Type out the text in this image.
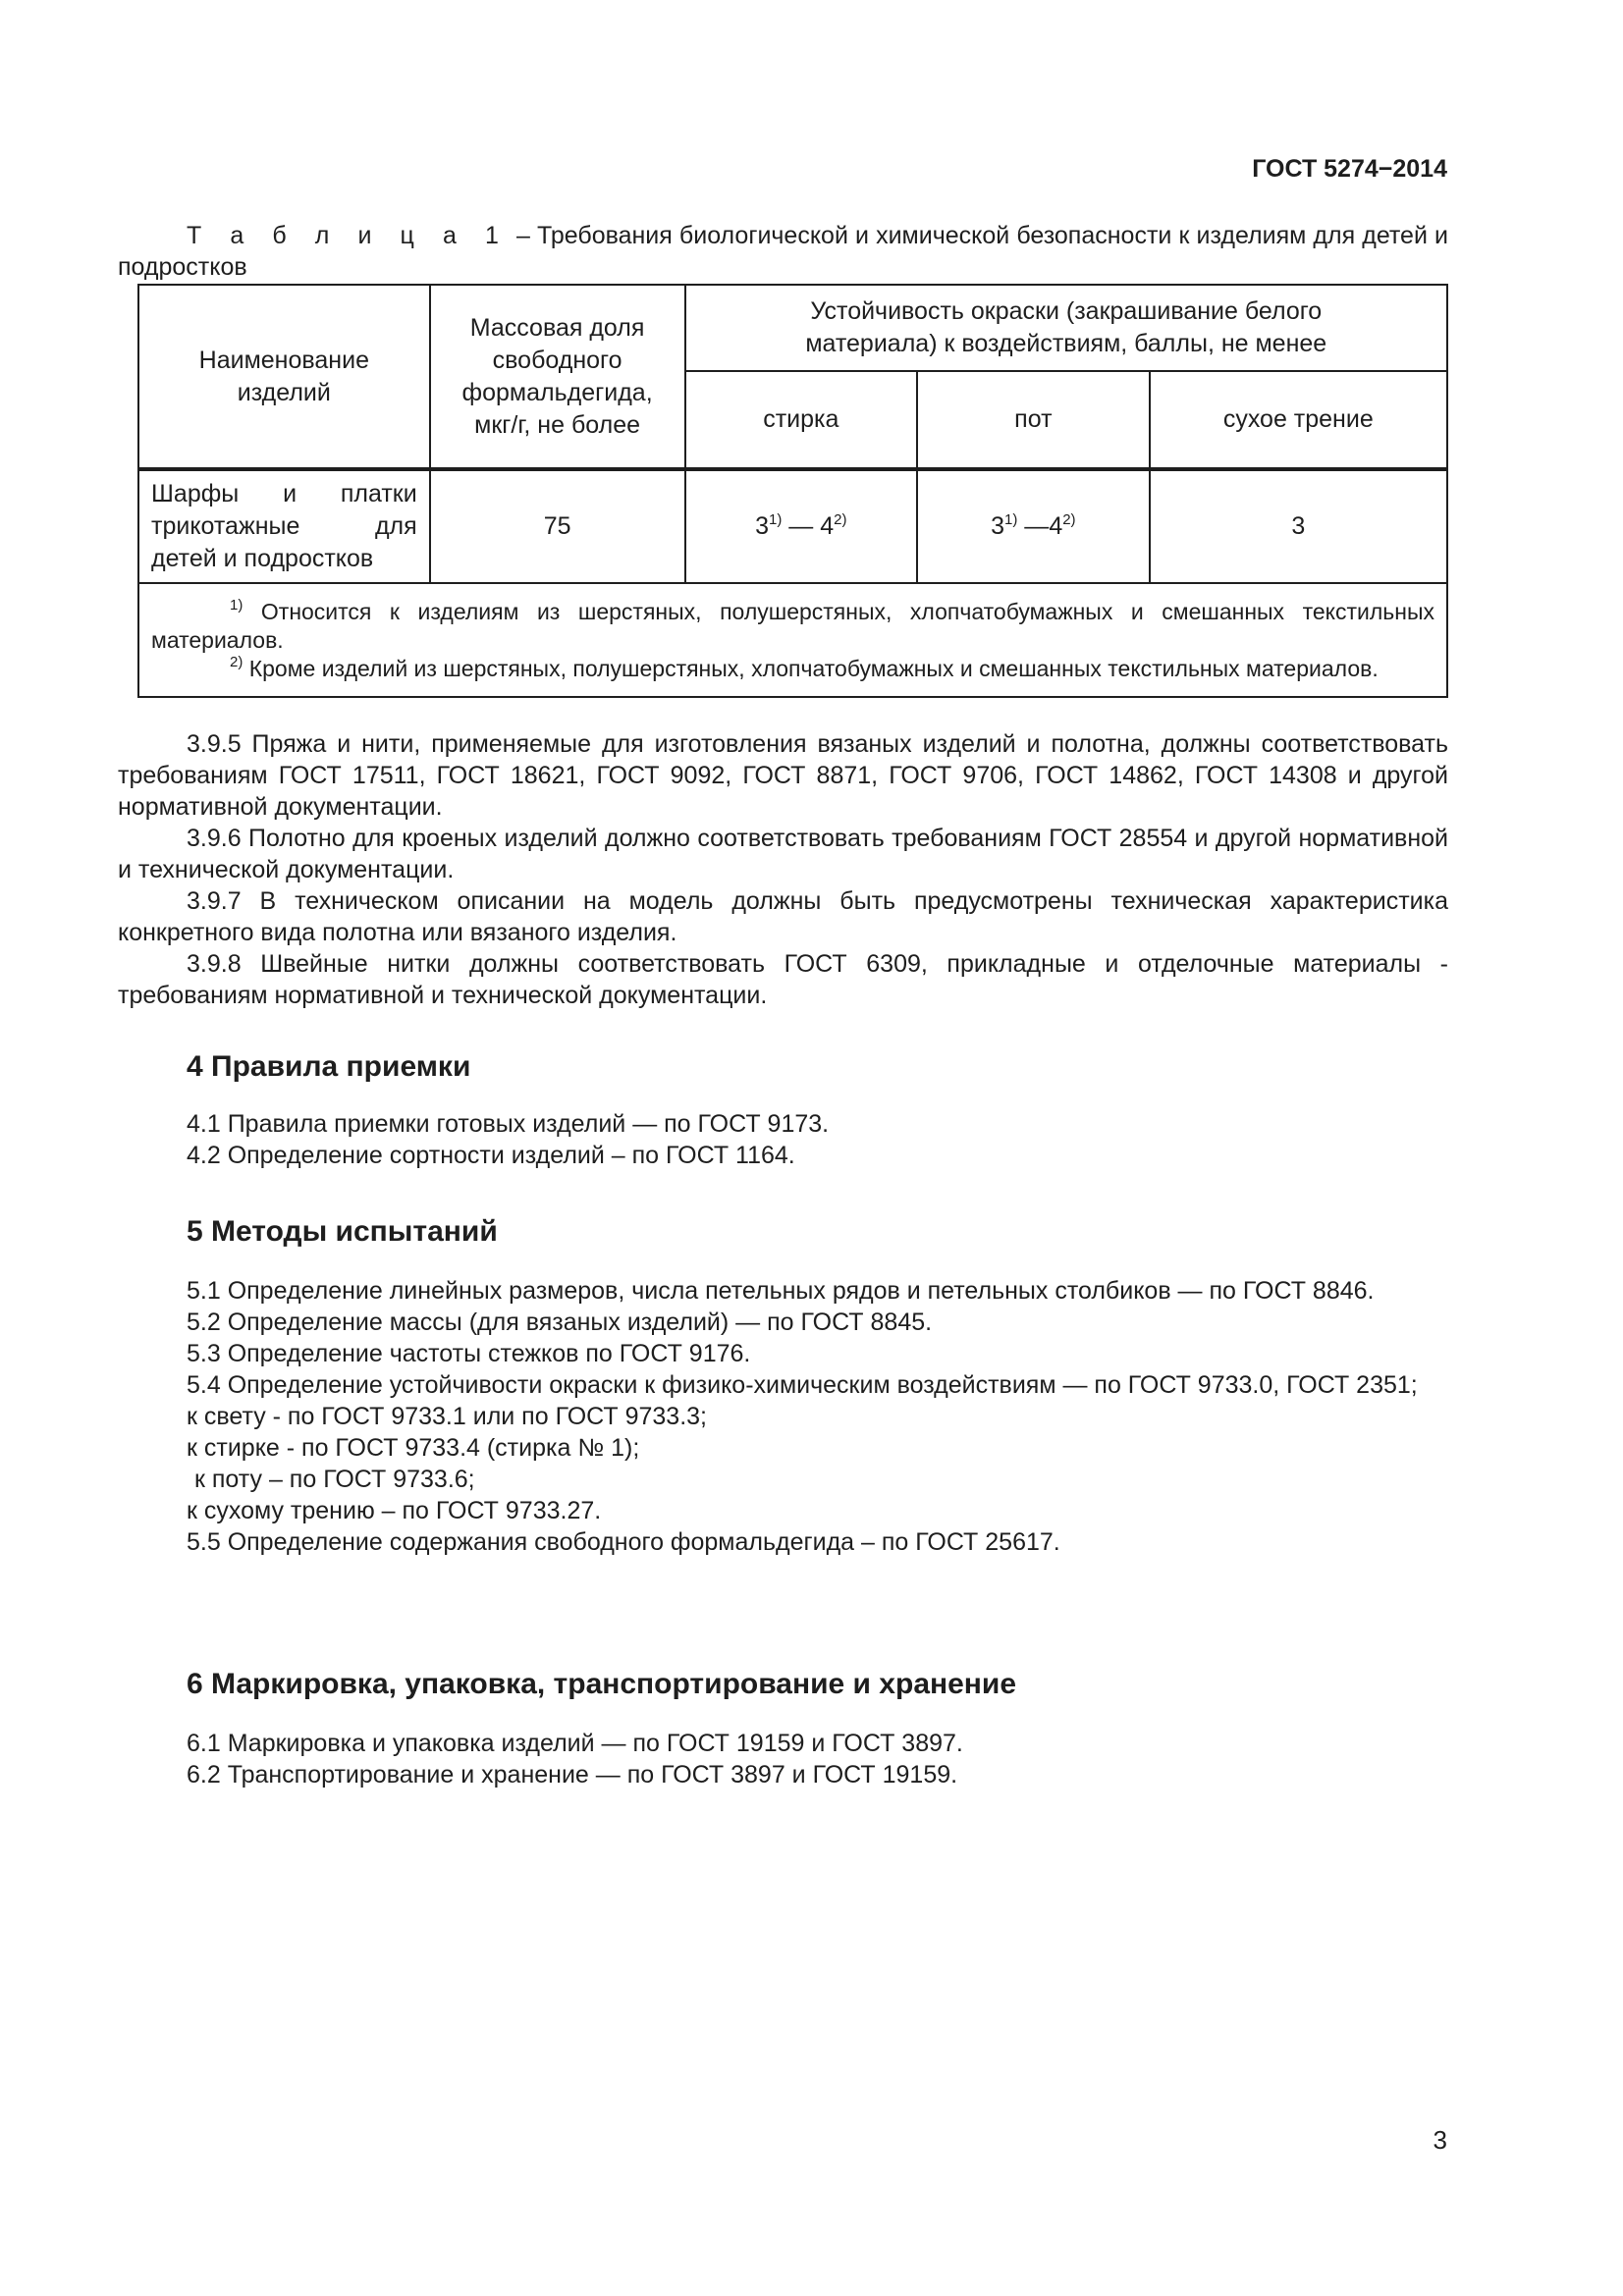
ГОСТ 5274−2014
Т а б л и ц а 1 – Требования биологической и химической безопасности к изделиям для детей и подростков
Наименование изделий	Массовая доля свободного формальдегида, мкг/г, не более	Устойчивость окраски (закрашивание белого материала) к воздействиям, баллы, не менее		
		стирка	пот	сухое трение
Шарфы и платки трикотажные для детей и подростков	75	3$^{1)}$ — 4$^{2)}$	3$^{1)}$ —4$^{2)}$	3

$^{1)}$ Относится к изделиям из шерстяных, полушерстяных, хлопчатобумажных и смешанных текстильных материалов.
$^{2)}$ Кроме изделий из шерстяных, полушерстяных, хлопчатобумажных и смешанных текстильных материалов.				

3.9.5 Пряжа и нити, применяемые для изготовления вязаных изделий и полотна, должны соответствовать требованиям ГОСТ 17511, ГОСТ 18621, ГОСТ 9092, ГОСТ 8871, ГОСТ 9706, ГОСТ 14862, ГОСТ 14308 и другой нормативной документации.

3.9.6 Полотно для кроеных изделий должно соответствовать требованиям ГОСТ 28554 и другой нормативной и технической документации.

3.9.7 В техническом описании на модель должны быть предусмотрены техническая характеристика конкретного вида полотна или вязаного изделия.

3.9.8 Швейные нитки должны соответствовать ГОСТ 6309, прикладные и отделочные материалы - требованиям нормативной и технической документации.

4 Правила приемки

4.1 Правила приемки готовых изделий — по ГОСТ 9173.

4.2 Определение сортности изделий – по ГОСТ 1164.

5 Методы испытаний

5.1 Определение линейных размеров, числа петельных рядов и петельных столбиков — по ГОСТ 8846.

5.2 Определение массы (для вязаных изделий) — по ГОСТ 8845.

5.3 Определение частоты стежков по ГОСТ 9176.

5.4 Определение устойчивости окраски к физико-химическим воздействиям — по ГОСТ 9733.0, ГОСТ 2351;

к свету - по ГОСТ 9733.1 или по ГОСТ 9733.3;

к стирке - по ГОСТ 9733.4 (стирка № 1);

к поту – по ГОСТ 9733.6;

к сухому трению – по ГОСТ 9733.27.

5.5 Определение содержания свободного формальдегида – по ГОСТ 25617.

6 Маркировка, упаковка, транспортирование и хранение

6.1 Маркировка и упаковка изделий — по ГОСТ 19159 и ГОСТ 3897.

6.2 Транспортирование и хранение — по ГОСТ 3897 и ГОСТ 19159.

3
